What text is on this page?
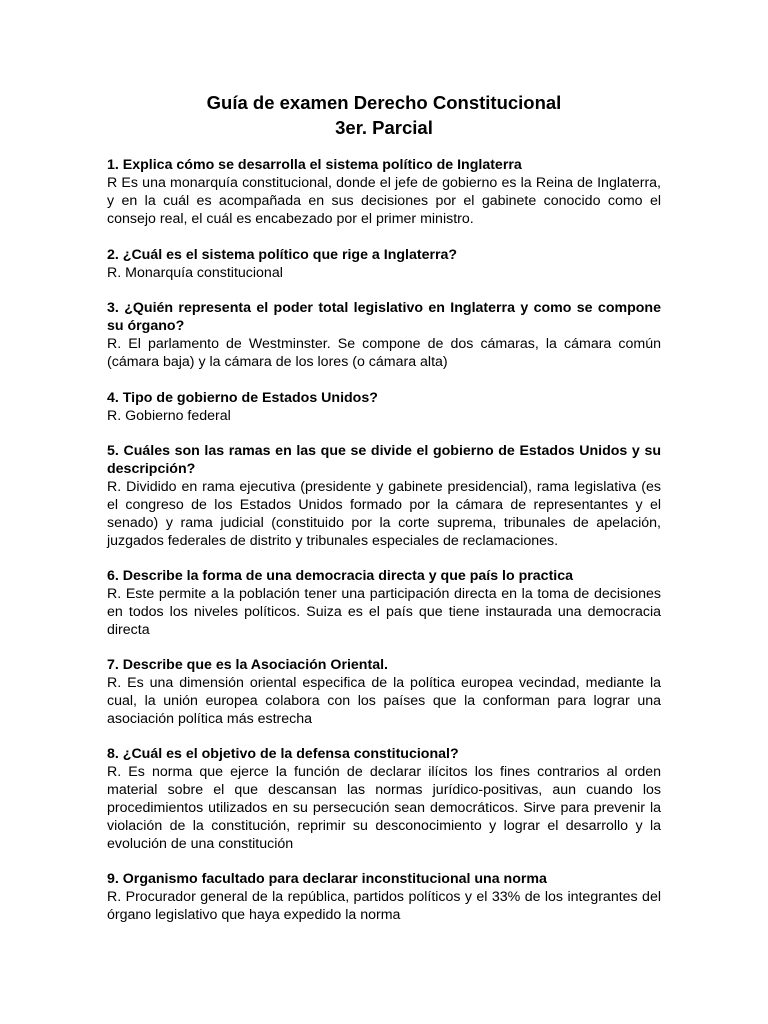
Guía de examen Derecho Constitucional
3er. Parcial
1. Explica cómo se desarrolla el sistema político de Inglaterra
R Es una monarquía constitucional, donde el jefe de gobierno es la Reina de Inglaterra, y en la cuál es acompañada en sus decisiones por el gabinete conocido como el consejo real, el cuál es encabezado por el primer ministro.
2. ¿Cuál es el sistema político que rige a Inglaterra?
R. Monarquía constitucional
3. ¿Quién representa el poder total legislativo en Inglaterra y como se compone su órgano?
R. El parlamento de Westminster. Se compone de dos cámaras, la cámara común (cámara baja) y la cámara de los lores (o cámara alta)
4. Tipo de gobierno de Estados Unidos?
R. Gobierno federal
5. Cuáles son las ramas en las que se divide el gobierno de Estados Unidos y su descripción?
R. Dividido en rama ejecutiva (presidente y gabinete presidencial), rama legislativa (es el congreso de los Estados Unidos formado por la cámara de representantes y el senado) y rama judicial (constituido por la corte suprema, tribunales de apelación, juzgados federales de distrito y tribunales especiales de reclamaciones.
6. Describe la forma de una democracia directa y que país lo practica
R. Este permite a la población tener una participación directa en la toma de decisiones en todos los niveles políticos. Suiza es el país que tiene instaurada una democracia directa
7. Describe que es la Asociación Oriental.
R. Es una dimensión oriental especifica de la política europea vecindad, mediante la cual, la unión europea colabora con los países que la conforman para lograr una asociación política más estrecha
8. ¿Cuál es el objetivo de la defensa constitucional?
R. Es norma que ejerce la función de declarar ilícitos los fines contrarios al orden material sobre el que descansan las normas jurídico-positivas, aun cuando los procedimientos utilizados en su persecución sean democráticos. Sirve para prevenir la violación de la constitución, reprimir su desconocimiento y lograr el desarrollo y la evolución de una constitución
9. Organismo facultado para declarar inconstitucional una norma
R. Procurador general de la república, partidos políticos y el 33% de los integrantes del órgano legislativo que haya expedido la norma
